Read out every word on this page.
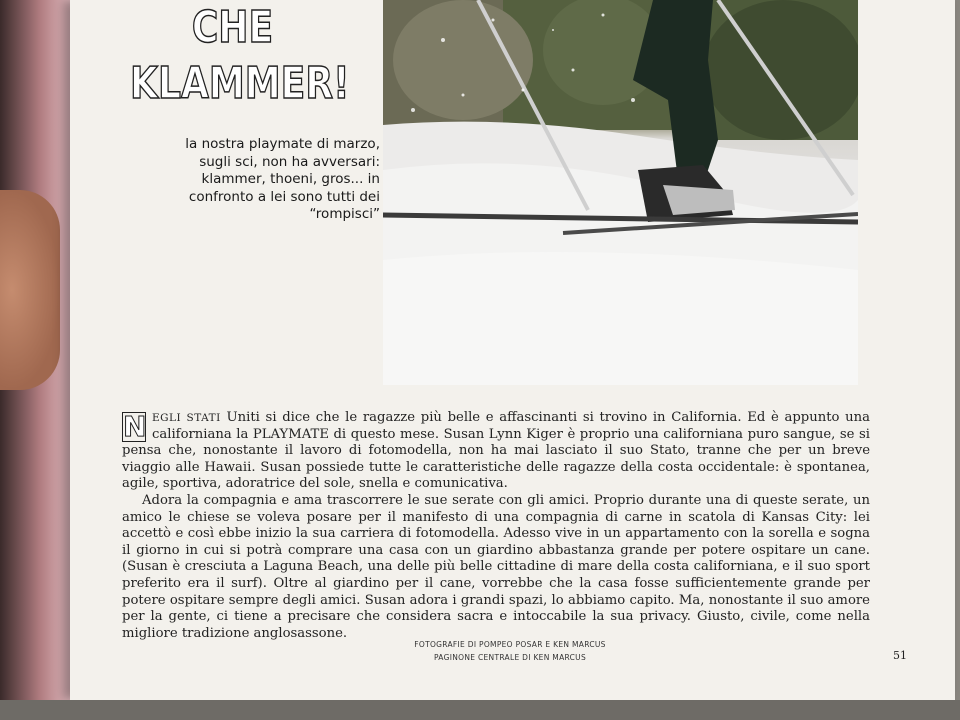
CHE
KLAMMER!
la nostra playmate di marzo, sugli sci, non ha avversari: klammer, thoeni, gros... in confronto a lei sono tutti dei “rompisci”

N EGLI STATI Uniti si dice che le ragazze più belle e affascinanti si trovino in California. Ed è appunto una californiana la PLAYMATE di questo mese. Susan Lynn Kiger è proprio una californiana puro sangue, se si pensa che, nonostante il lavoro di fotomodella, non ha mai lasciato il suo Stato, tranne che per un breve viaggio alle Hawaii. Susan possiede tutte le caratteristiche delle ragazze della costa occidentale: è spontanea, agile, sportiva, adoratrice del sole, snella e comunicativa.

Adora la compagnia e ama trascorrere le sue serate con gli amici. Proprio durante una di queste serate, un amico le chiese se voleva posare per il manifesto di una compagnia di carne in scatola di Kansas City: lei accettò e così ebbe inizio la sua carriera di fotomodella. Adesso vive in un appartamento con la sorella e sogna il giorno in cui si potrà comprare una casa con un giardino abbastanza grande per potere ospitare un cane. (Susan è cresciuta a Laguna Beach, una delle più belle cittadine di mare della costa californiana, e il suo sport preferito era il surf). Oltre al giardino per il cane, vorrebbe che la casa fosse sufficientemente grande per potere ospitare sempre degli amici. Susan adora i grandi spazi, lo abbiamo capito. Ma, nonostante il suo amore per la gente, ci tiene a precisare che considera sacra e intoccabile la sua privacy. Giusto, civile, come nella migliore tradizione anglosassone.

FOTOGRAFIE DI POMPEO POSAR E KEN MARCUS
PAGINONE CENTRALE DI KEN MARCUS	51
